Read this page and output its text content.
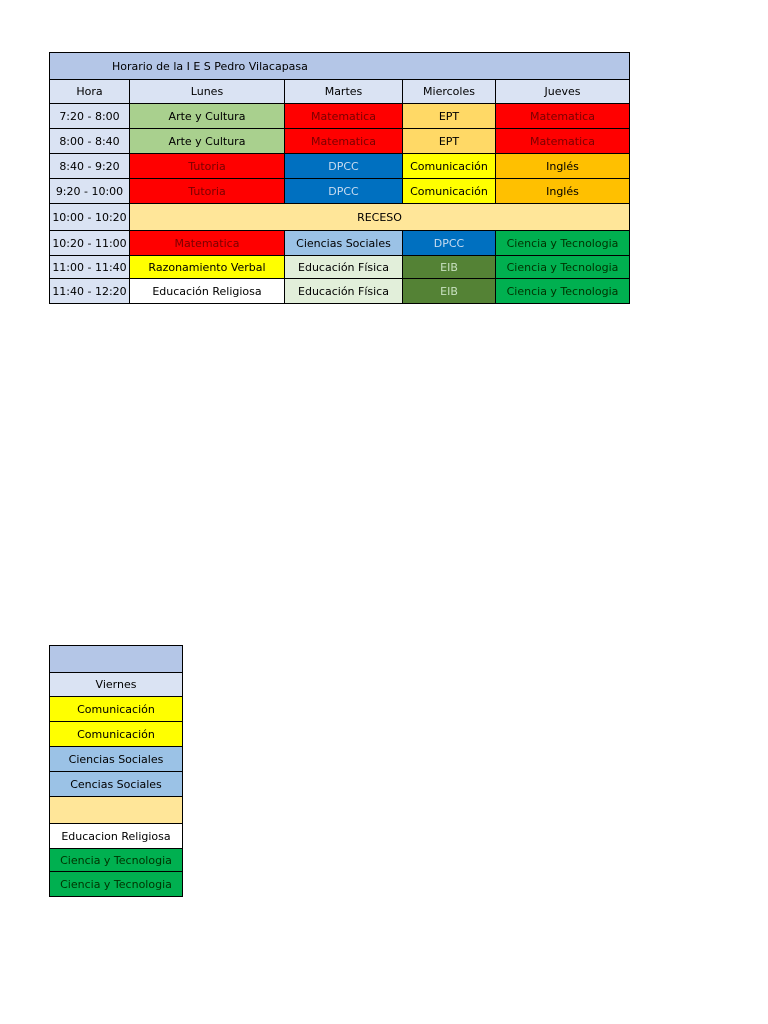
Horario de la I E S Pedro Vilacapasa				
Hora	Lunes	Martes	Miercoles	Jueves
7:20 - 8:00	Arte y Cultura	Matematica	EPT	Matematica
8:00 - 8:40	Arte y Cultura	Matematica	EPT	Matematica
8:40 - 9:20	Tutoria	DPCC	Comunicación	Inglés
9:20 - 10:00	Tutoria	DPCC	Comunicación	Inglés
10:00 - 10:20	RECESO			
10:20 - 11:00	Matematica	Ciencias Sociales	DPCC	Ciencia y Tecnologia
11:00 - 11:40	Razonamiento Verbal	Educación Física	EIB	Ciencia y Tecnologia
11:40 - 12:20	Educación Religiosa	Educación Física	EIB	Ciencia y Tecnologia

Viernes
Comunicación
Comunicación
Ciencias Sociales
Cencias Sociales

Educacion Religiosa
Ciencia y Tecnologia
Ciencia y Tecnologia
